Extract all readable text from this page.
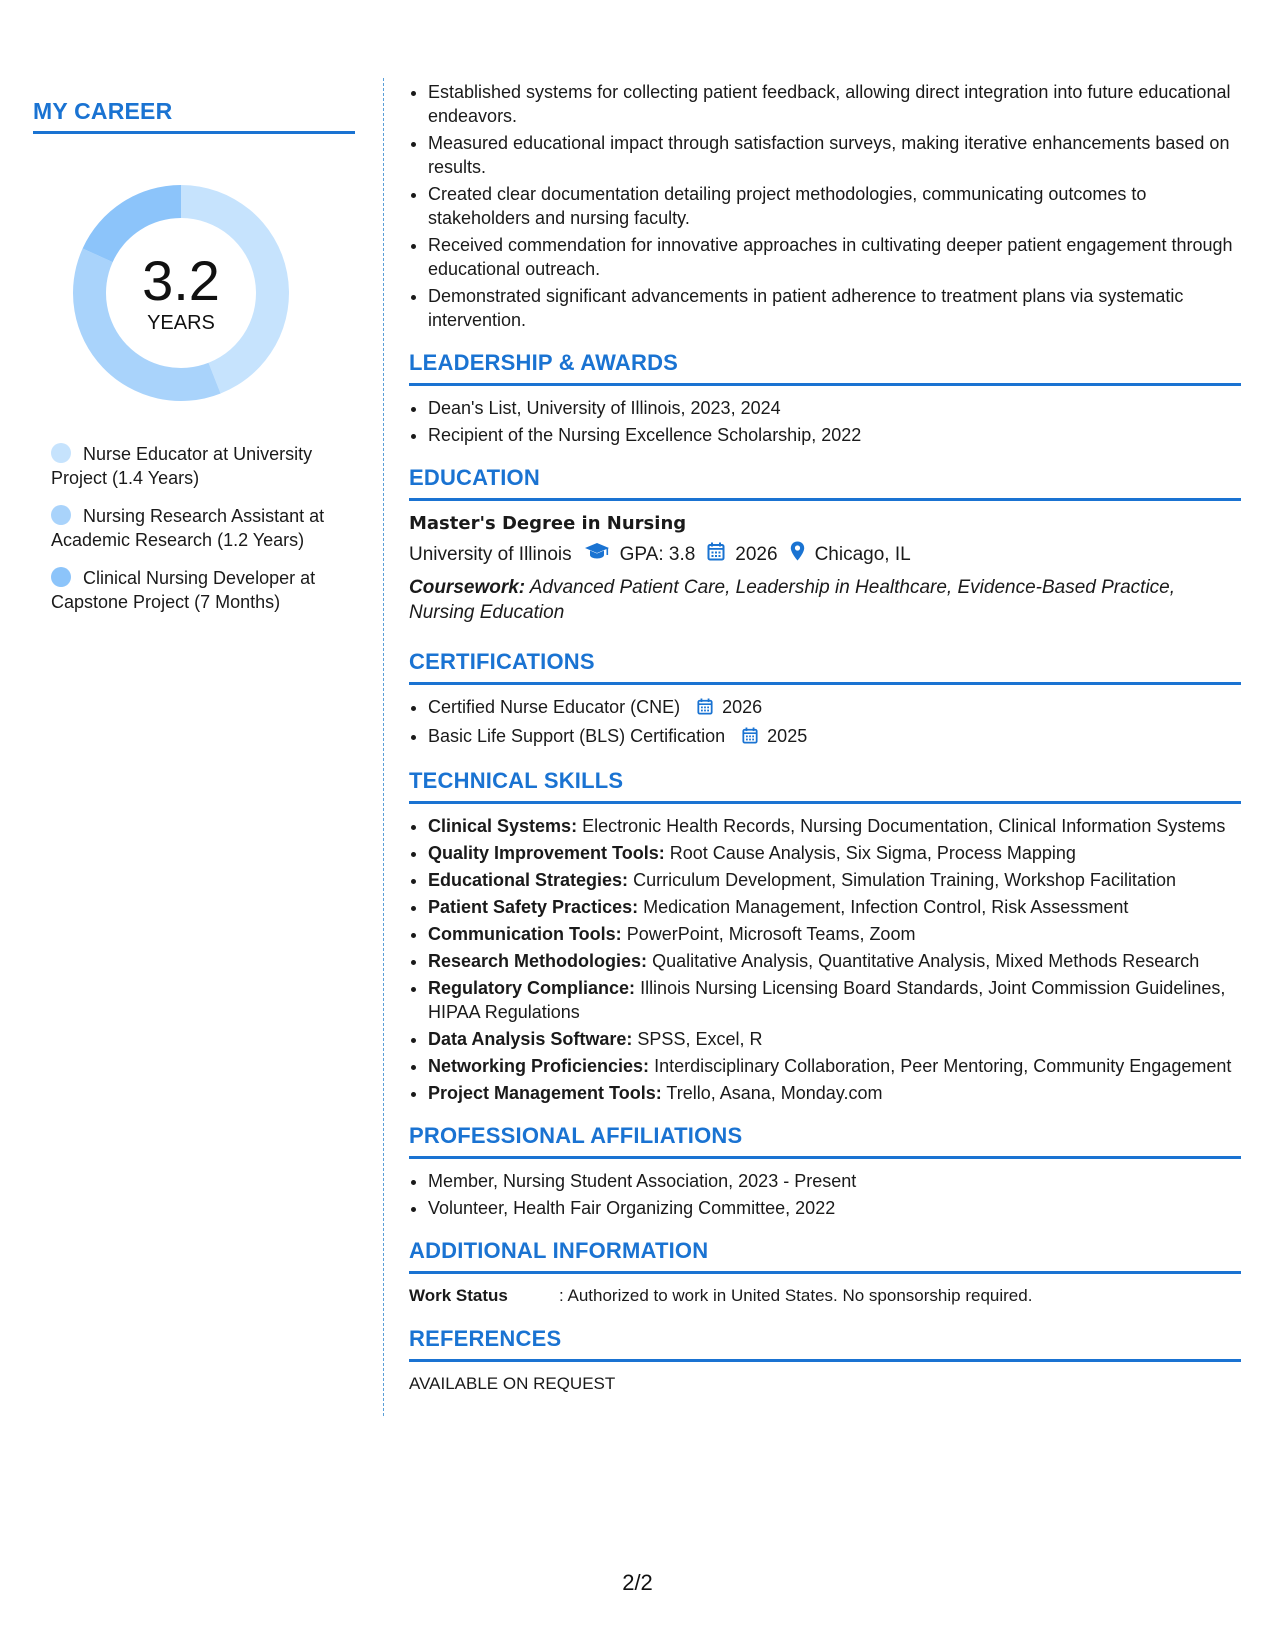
MY CAREER
3.2
YEARS
Nurse Educator at University Project (1.4 Years)
Nursing Research Assistant at Academic Research (1.2 Years)
Clinical Nursing Developer at Capstone Project (7 Months)
• Established systems for collecting patient feedback, allowing direct integration into future educational endeavors.
• Measured educational impact through satisfaction surveys, making iterative enhancements based on results.
• Created clear documentation detailing project methodologies, communicating outcomes to stakeholders and nursing faculty.
• Received commendation for innovative approaches in cultivating deeper patient engagement through educational outreach.
• Demonstrated significant advancements in patient adherence to treatment plans via systematic intervention.
LEADERSHIP & AWARDS
• Dean's List, University of Illinois, 2023, 2024
• Recipient of the Nursing Excellence Scholarship, 2022
EDUCATION
Master's Degree in Nursing
University of Illinois	GPA: 3.8 2026 Chicago, IL
Coursework: Advanced Patient Care, Leadership in Healthcare, Evidence-Based Practice, Nursing Education
CERTIFICATIONS
• Certified Nurse Educator (CNE) 2026
• Basic Life Support (BLS) Certification 2025
TECHNICAL SKILLS
• Clinical Systems: Electronic Health Records, Nursing Documentation, Clinical Information Systems
• Quality Improvement Tools: Root Cause Analysis, Six Sigma, Process Mapping
• Educational Strategies: Curriculum Development, Simulation Training, Workshop Facilitation
• Patient Safety Practices: Medication Management, Infection Control, Risk Assessment
• Communication Tools: PowerPoint, Microsoft Teams, Zoom
• Research Methodologies: Qualitative Analysis, Quantitative Analysis, Mixed Methods Research
• Regulatory Compliance: Illinois Nursing Licensing Board Standards, Joint Commission Guidelines, HIPAA Regulations
• Data Analysis Software: SPSS, Excel, R
• Networking Proficiencies: Interdisciplinary Collaboration, Peer Mentoring, Community Engagement
• Project Management Tools: Trello, Asana, Monday.com
PROFESSIONAL AFFILIATIONS
• Member, Nursing Student Association, 2023 - Present
• Volunteer, Health Fair Organizing Committee, 2022
ADDITIONAL INFORMATION
Work Status	: Authorized to work in United States. No sponsorship required.
REFERENCES
AVAILABLE ON REQUEST
2/2
